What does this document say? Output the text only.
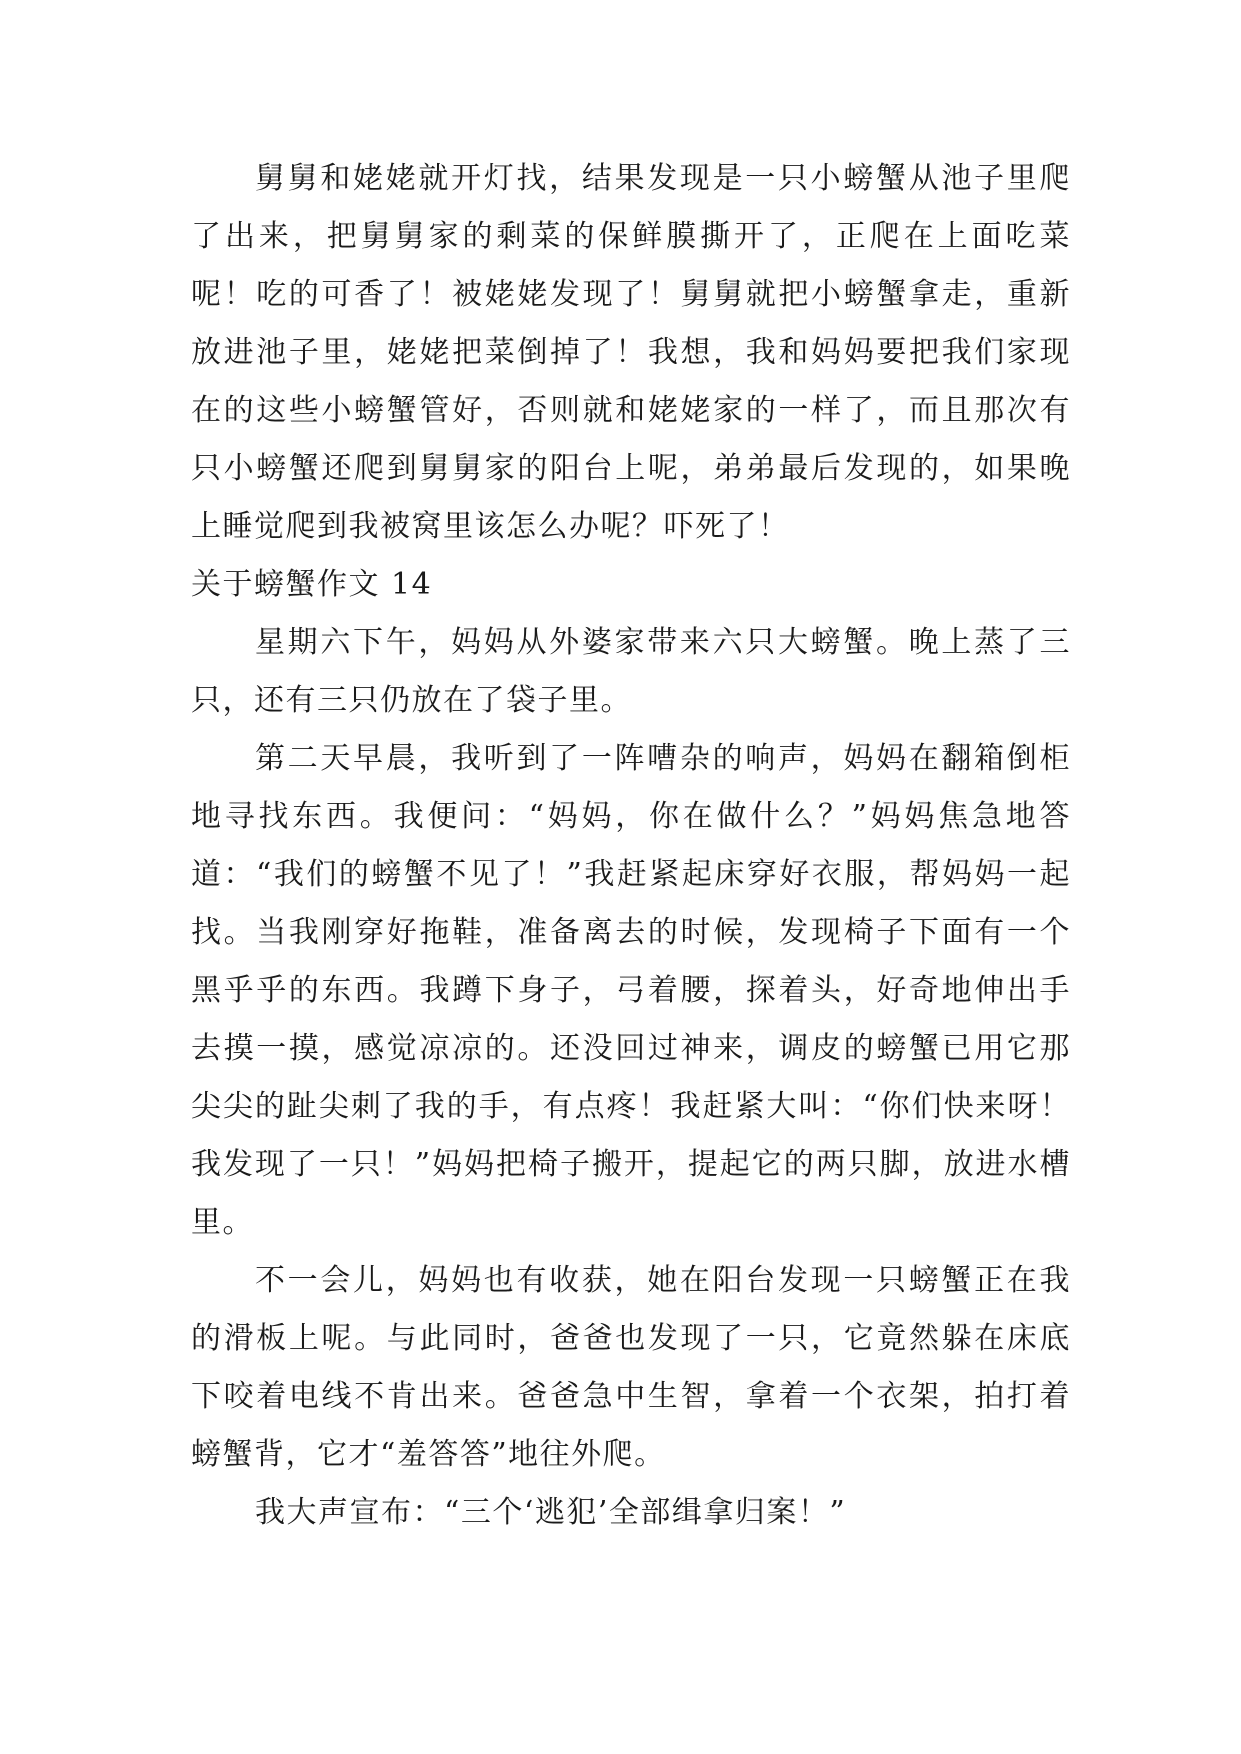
舅舅和姥姥就开灯找，结果发现是一只小螃蟹从池子里爬了出来，把舅舅家的剩菜的保鲜膜撕开了，正爬在上面吃菜呢！吃的可香了！被姥姥发现了！舅舅就把小螃蟹拿走，重新放进池子里，姥姥把菜倒掉了！我想，我和妈妈要把我们家现在的这些小螃蟹管好，否则就和姥姥家的一样了，而且那次有只小螃蟹还爬到舅舅家的阳台上呢，弟弟最后发现的，如果晚上睡觉爬到我被窝里该怎么办呢？吓死了！

关于螃蟹作文 14

星期六下午，妈妈从外婆家带来六只大螃蟹。晚上蒸了三只，还有三只仍放在了袋子里。

第二天早晨，我听到了一阵嘈杂的响声，妈妈在翻箱倒柜地寻找东西。我便问：“妈妈，你在做什么？”妈妈焦急地答道：“我们的螃蟹不见了！”我赶紧起床穿好衣服，帮妈妈一起找。当我刚穿好拖鞋，准备离去的时候，发现椅子下面有一个黑乎乎的东西。我蹲下身子，弓着腰，探着头，好奇地伸出手去摸一摸，感觉凉凉的。还没回过神来，调皮的螃蟹已用它那尖尖的趾尖刺了我的手，有点疼！我赶紧大叫：“你们快来呀！我发现了一只！”妈妈把椅子搬开，提起它的两只脚，放进水槽里。

不一会儿，妈妈也有收获，她在阳台发现一只螃蟹正在我的滑板上呢。与此同时，爸爸也发现了一只，它竟然躲在床底下咬着电线不肯出来。爸爸急中生智，拿着一个衣架，拍打着螃蟹背，它才“羞答答”地往外爬。

我大声宣布：“三个‘逃犯’全部缉拿归案！”
